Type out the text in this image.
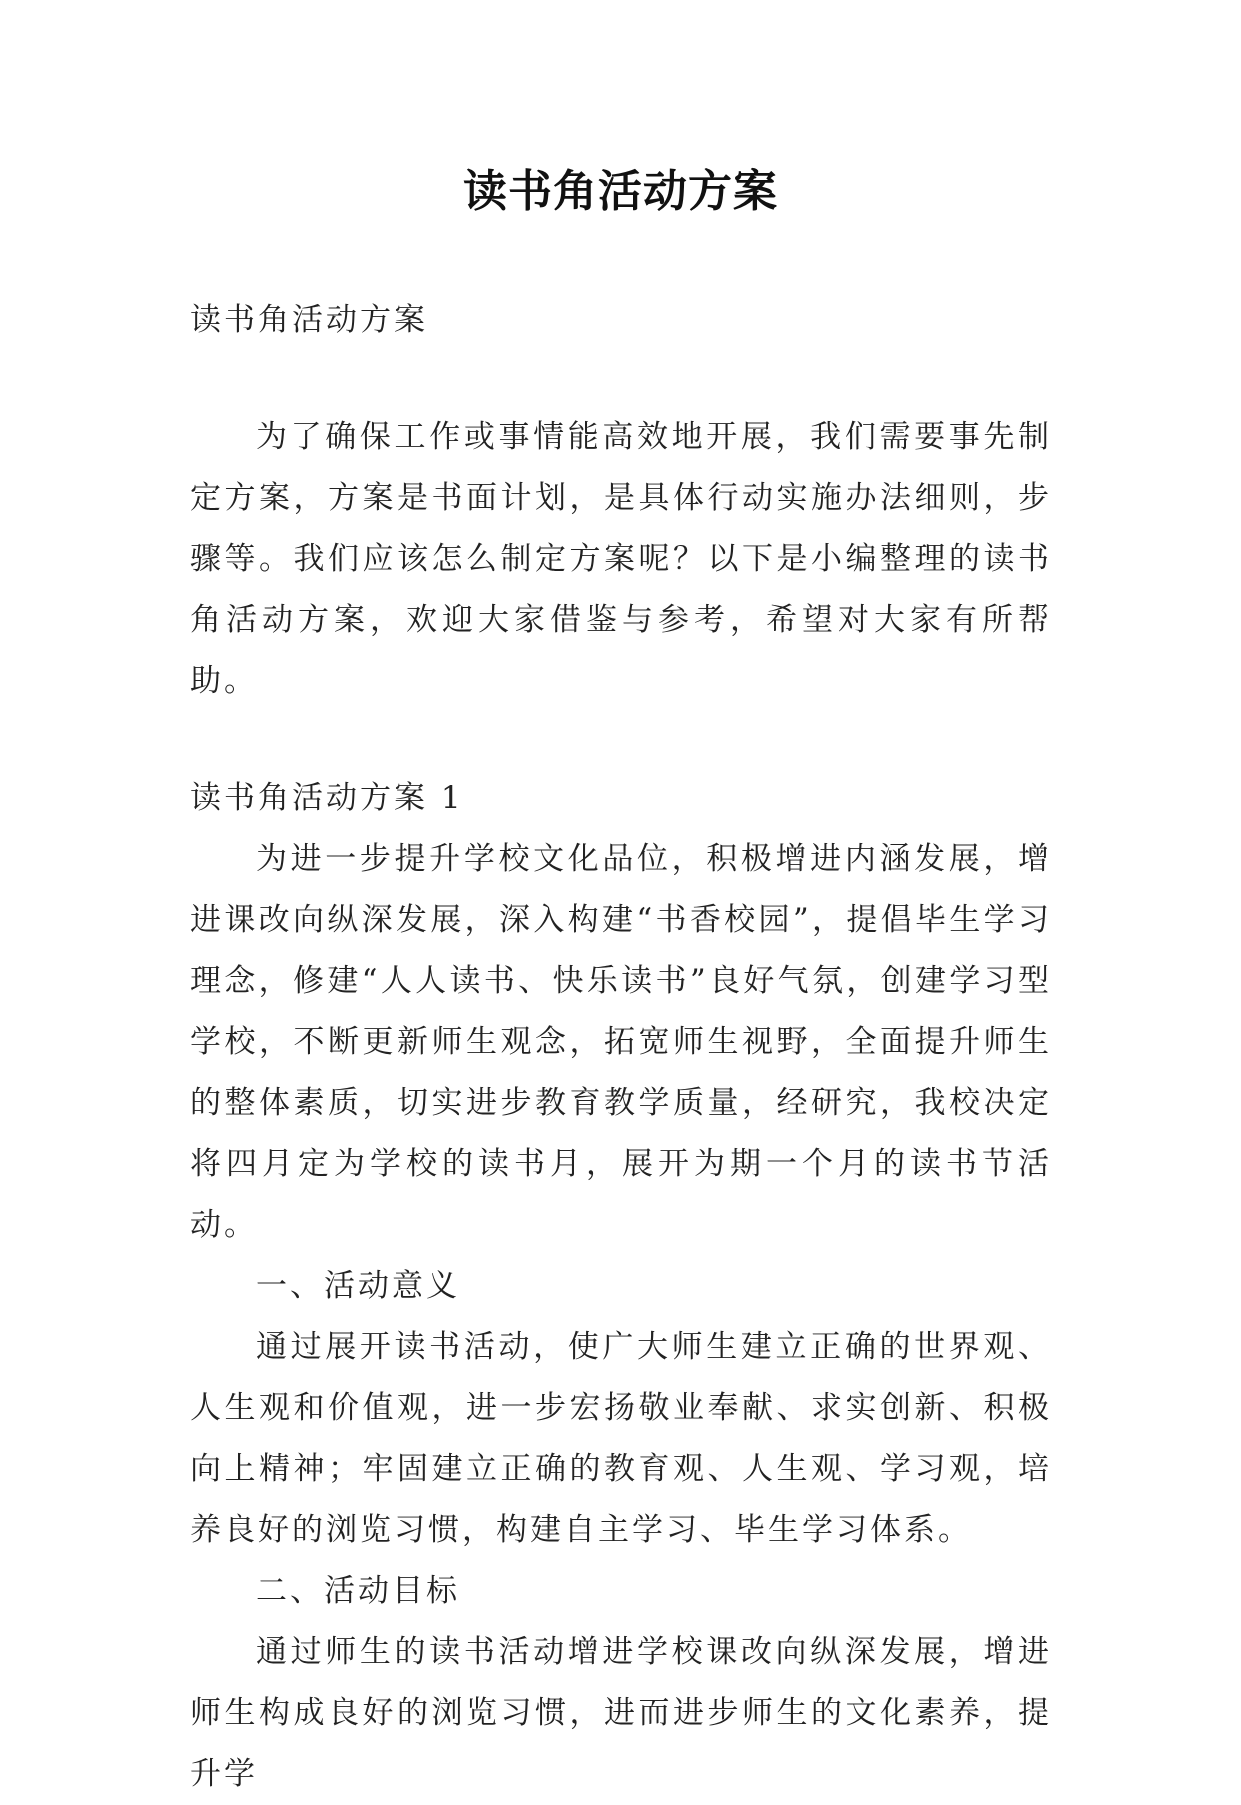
读书角活动方案

读书角活动方案

为了确保工作或事情能高效地开展，我们需要事先制定方案，方案是书面计划，是具体行动实施办法细则，步骤等。我们应该怎么制定方案呢？以下是小编整理的读书角活动方案，欢迎大家借鉴与参考，希望对大家有所帮助。

读书角活动方案 1

为进一步提升学校文化品位，积极增进内涵发展，增进课改向纵深发展，深入构建“书香校园”，提倡毕生学习理念，修建“人人读书、快乐读书”良好气氛，创建学习型学校，不断更新师生观念，拓宽师生视野，全面提升师生的整体素质，切实进步教育教学质量，经研究，我校决定将四月定为学校的读书月，展开为期一个月的读书节活动。

一、活动意义

通过展开读书活动，使广大师生建立正确的世界观、人生观和价值观，进一步宏扬敬业奉献、求实创新、积极向上精神；牢固建立正确的教育观、人生观、学习观，培养良好的浏览习惯，构建自主学习、毕生学习体系。

二、活动目标

通过师生的读书活动增进学校课改向纵深发展，增进师生构成良好的浏览习惯，进而进步师生的文化素养，提升学
